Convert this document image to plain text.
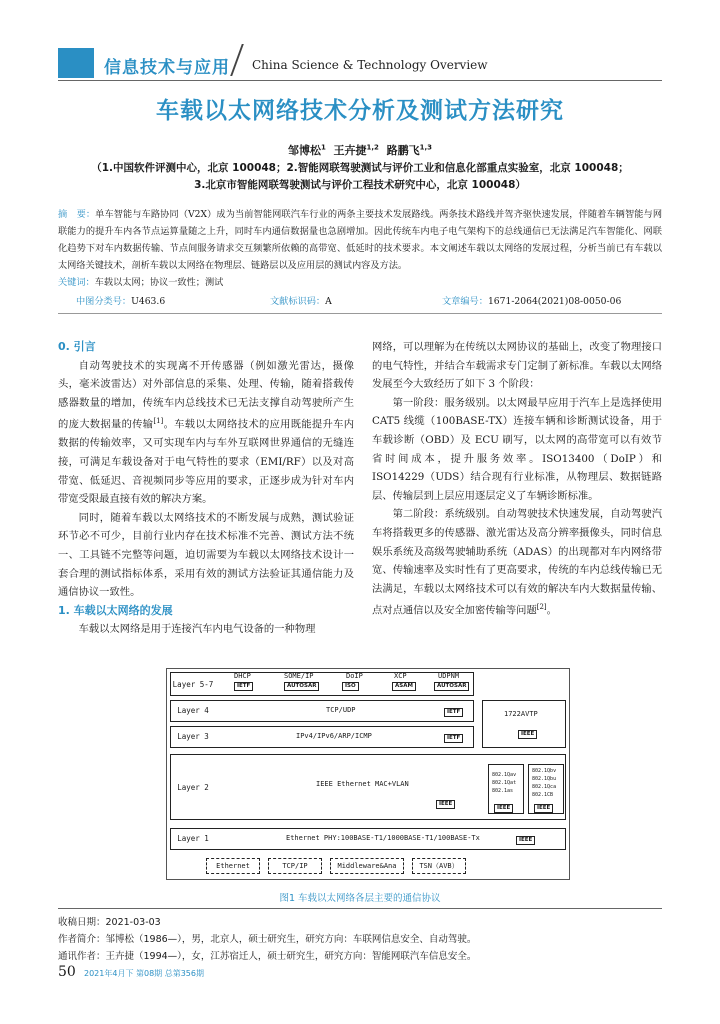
信息技术与应用 China Science & Technology Overview
车载以太网络技术分析及测试方法研究
邹博松$^1$ 王卉捷$^{1,2}$ 路鹏飞$^{1,3}$
（1.中国软件评测中心，北京 100048；2.智能网联驾驶测试与评价工业和信息化部重点实验室，北京 100048；
3.北京市智能网联驾驶测试与评价工程技术研究中心，北京 100048）
摘　要：单车智能与车路协同（V2X）成为当前智能网联汽车行业的两条主要技术发展路线。两条技术路线并驾齐驱快速发展，伴随着车辆智能与网联能力的提升车内各节点运算量随之上升，同时车内通信数据量也急剧增加。因此传统车内电子电气架构下的总线通信已无法满足汽车智能化、网联化趋势下对车内数据传输、节点间服务请求交互频繁所依赖的高带宽、低延时的技术要求。本文阐述车载以太网络的发展过程，分析当前已有车载以太网络关键技术，剖析车载以太网络在物理层、链路层以及应用层的测试内容及方法。
关键词：车载以太网；协议一致性；测试
中图分类号：U463.6	文献标识码：A	文章编号：1671-2064(2021)08-0050-06

0. 引言

自动驾驶技术的实现离不开传感器（例如激光雷达，摄像头，毫米波雷达）对外部信息的采集、处理、传输，随着搭载传感器数量的增加，传统车内总线技术已无法支撑自动驾驶所产生的庞大数据量的传输[1]。车载以太网络技术的应用既能提升车内数据的传输效率，又可实现车内与车外互联网世界通信的无缝连接，可满足车载设备对于电气特性的要求（EMI/RF）以及对高带宽、低延迟、音视频同步等应用的要求，正逐步成为针对车内带宽受限最直接有效的解决方案。

同时，随着车载以太网络技术的不断发展与成熟，测试验证环节必不可少，目前行业内存在技术标准不完善、测试方法不统一、工具链不完整等问题，迫切需要为车载以太网络技术设计一套合理的测试指标体系，采用有效的测试方法验证其通信能力及通信协议一致性。

1. 车载以太网络的发展

车载以太网络是用于连接汽车内电气设备的一种物理

网络，可以理解为在传统以太网协议的基础上，改变了物理接口的电气特性，并结合车载需求专门定制了新标准。车载以太网络发展至今大致经历了如下 3 个阶段：

第一阶段：服务级别。以太网最早应用于汽车上是选择使用 CAT5 线缆（100BASE-TX）连接车辆和诊断测试设备，用于车载诊断（OBD）及 ECU 刷写，以太网的高带宽可以有效节省时间成本，提升服务效率。ISO13400（DoIP）和 ISO14229（UDS）结合现有行业标准，从物理层、数据链路层、传输层到上层应用逐层定义了车辆诊断标准。

第二阶段：系统级别。自动驾驶技术快速发展，自动驾驶汽车将搭载更多的传感器、激光雷达及高分辨率摄像头，同时信息娱乐系统及高级驾驶辅助系统（ADAS）的出现都对车内网络带宽、传输速率及实时性有了更高要求，传统的车内总线传输已无法满足，车载以太网络技术可以有效的解决车内大数据量传输、点对点通信以及安全加密传输等问题[2]。

Layer 5-7
DHCP
IETF
SOME/IP
AUTOSAR
DoIP
ISO
XCP
ASAM
UDPNM
AUTOSAR
Layer 4	TCP/UDP	IETF
Layer 3	IPv4/IPv6/ARP/ICMP	IETF
1722AVTP
IEEE
Layer 2	IEEE Ethernet MAC+VLAN
IEEE
802.1Qav
802.1Qat
802.1as
IEEE
802.1Qbv
802.1Qbu
802.1Qca
802.1CB
IEEE
Layer 1	Ethernet PHY:100BASE-T1/1000BASE-T1/100BASE-Tx	IEEE
Ethernet	TCP/IP	Middleware&Ana	TSN（AVB）
图1 车载以太网络各层主要的通信协议
收稿日期：2021-03-03
作者简介：邹博松（1986—），男，北京人，硕士研究生，研究方向：车联网信息安全、自动驾驶。
通讯作者：王卉捷（1994—），女，江苏宿迁人，硕士研究生，研究方向：智能网联汽车信息安全。
50 2021年4月下 第08期 总第356期
